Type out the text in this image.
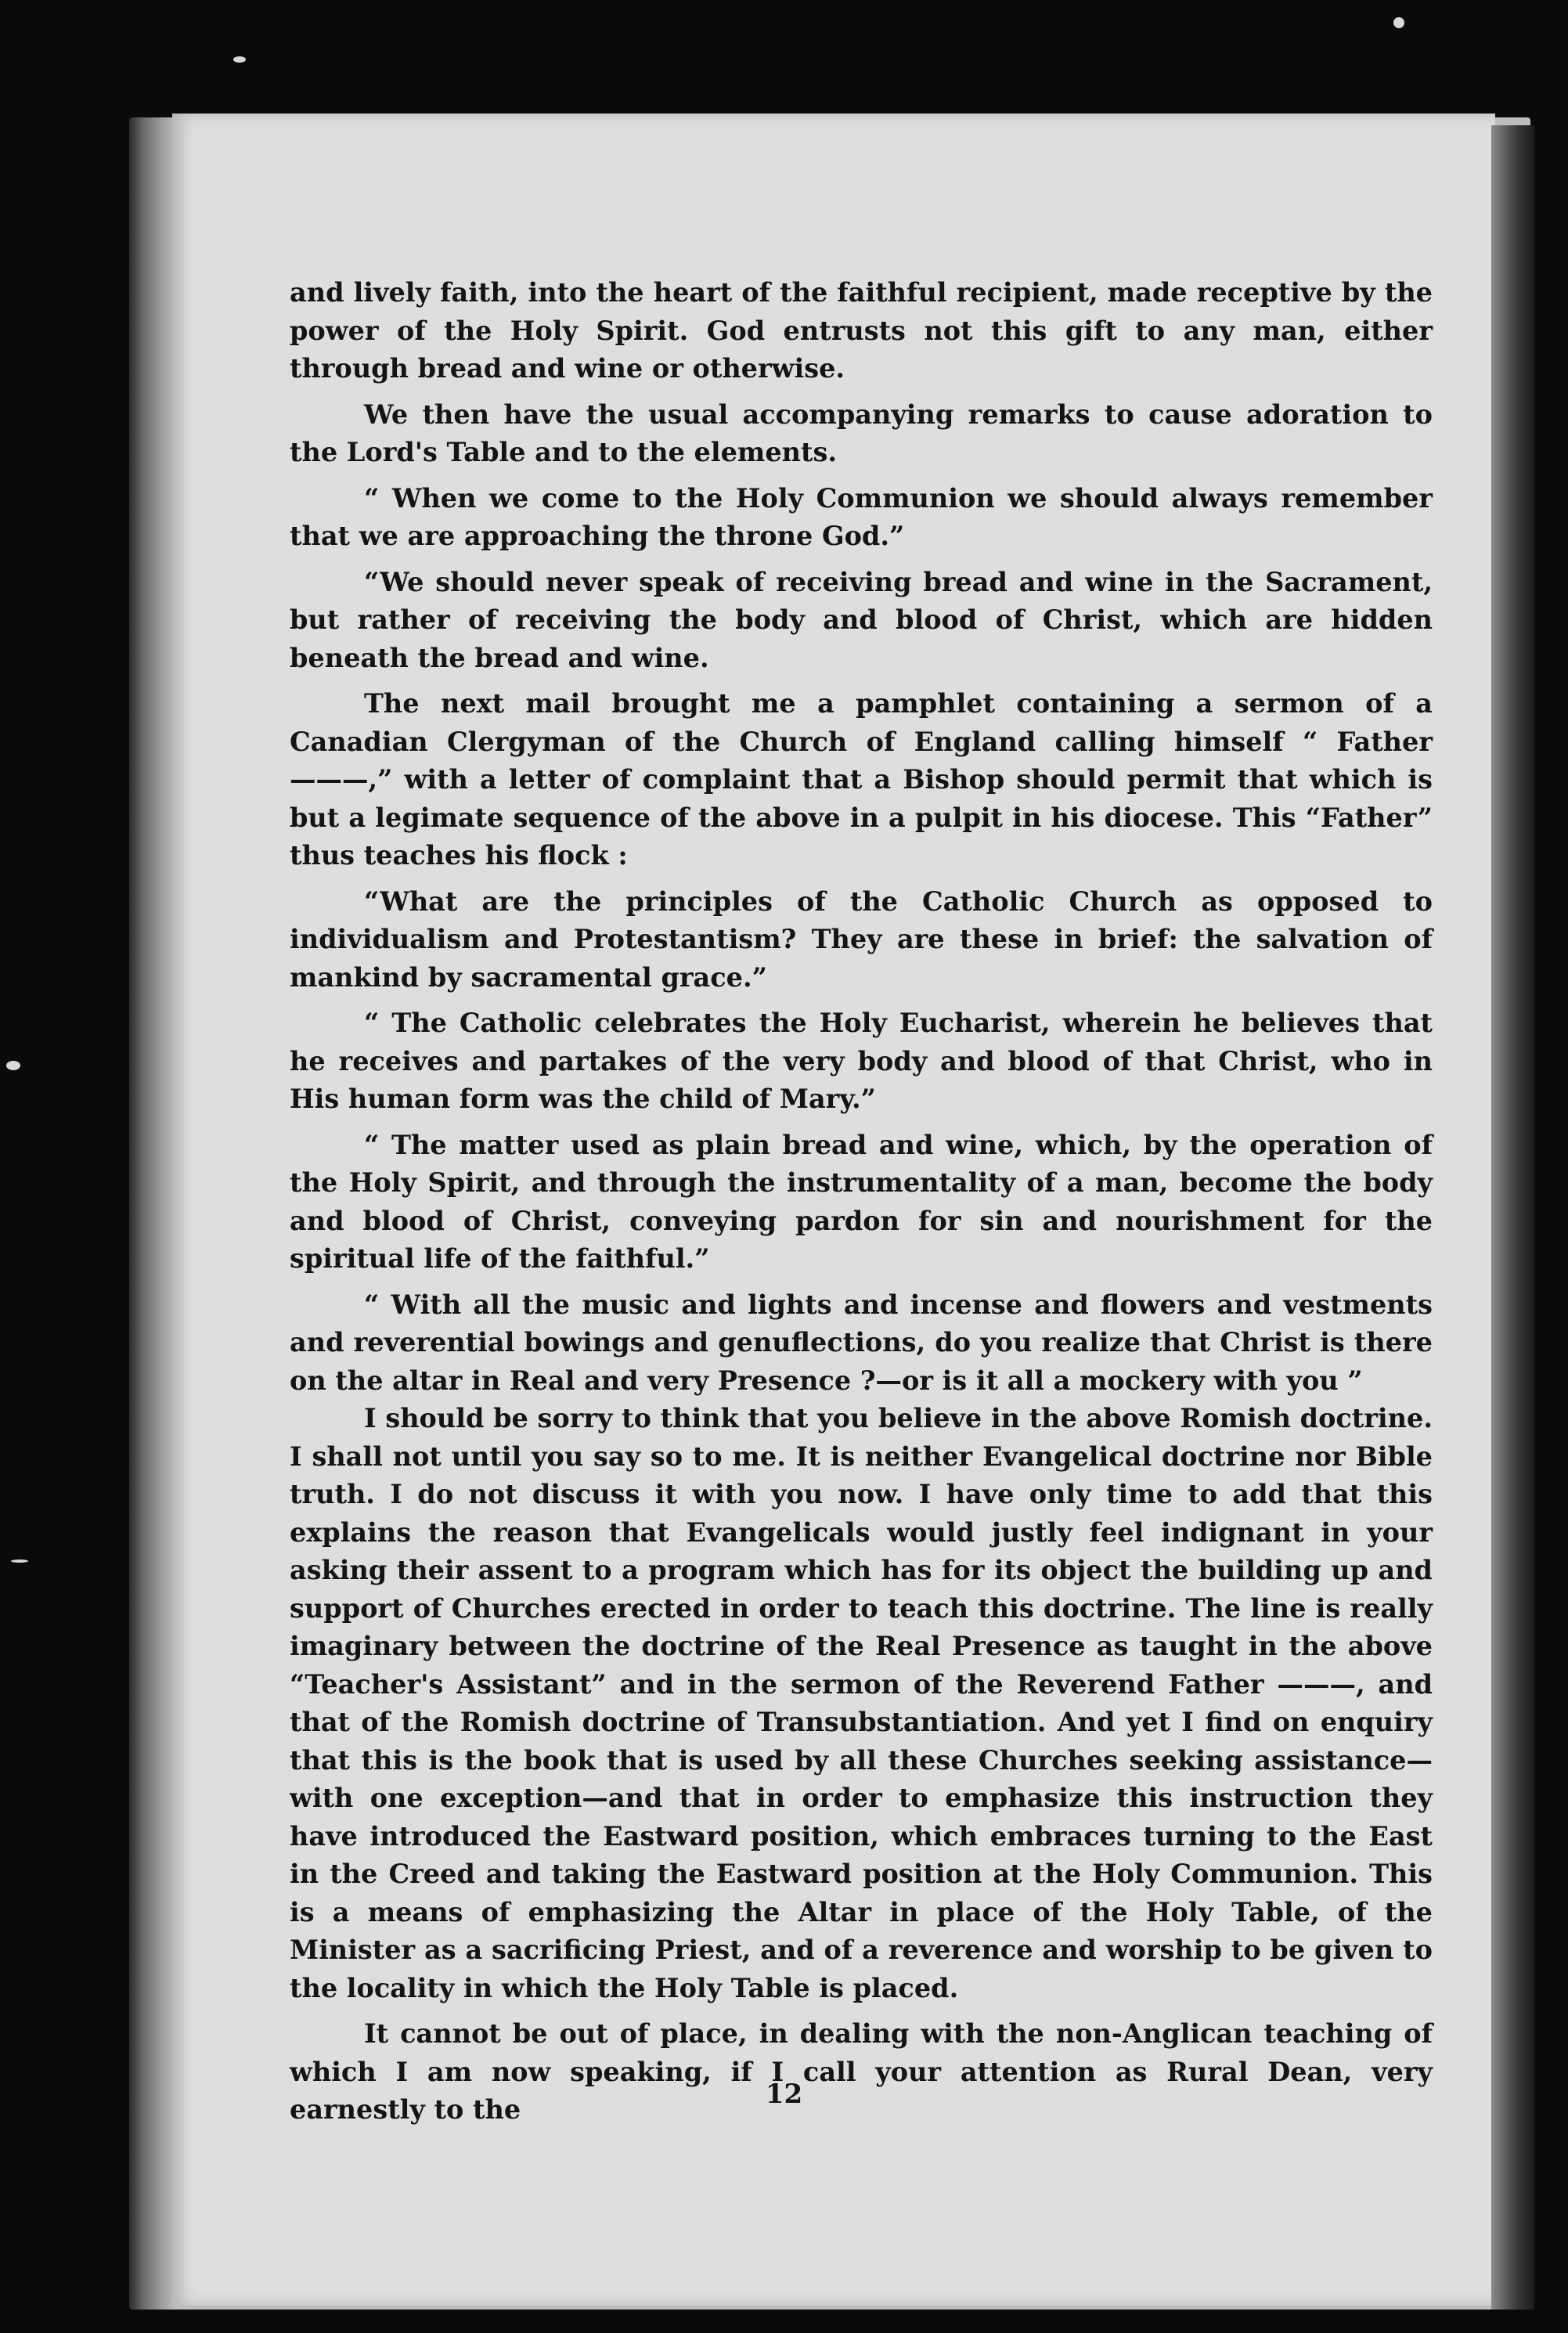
and lively faith, into the heart of the faithful recipient, made receptive by the power of the Holy Spirit. God entrusts not this gift to any man, either through bread and wine or otherwise.

We then have the usual accompanying remarks to cause adoration to the Lord's Table and to the elements.

“ When we come to the Holy Communion we should always remember that we are approaching the throne God.”

“We should never speak of receiving bread and wine in the Sacrament, but rather of receiving the body and blood of Christ, which are hidden beneath the bread and wine.

The next mail brought me a pamphlet containing a sermon of a Canadian Clergyman of the Church of England calling himself “ Father ———,” with a letter of complaint that a Bishop should permit that which is but a legimate sequence of the above in a pulpit in his diocese. This “Father” thus teaches his flock :

“What are the principles of the Catholic Church as opposed to individualism and Protestantism? They are these in brief: the salvation of mankind by sacramental grace.”

“ The Catholic celebrates the Holy Eucharist, wherein he believes that he receives and partakes of the very body and blood of that Christ, who in His human form was the child of Mary.”

“ The matter used as plain bread and wine, which, by the operation of the Holy Spirit, and through the instrumentality of a man, become the body and blood of Christ, conveying pardon for sin and nourishment for the spiritual life of the faithful.”

“ With all the music and lights and incense and flowers and vestments and reverential bowings and genuflections, do you realize that Christ is there on the altar in Real and very Presence ?—or is it all a mockery with you ”

I should be sorry to think that you believe in the above Romish doctrine. I shall not until you say so to me. It is neither Evangelical doctrine nor Bible truth. I do not discuss it with you now. I have only time to add that this explains the reason that Evangelicals would justly feel indignant in your asking their assent to a program which has for its object the building up and support of Churches erected in order to teach this doctrine. The line is really imaginary between the doctrine of the Real Presence as taught in the above “Teacher's Assistant” and in the sermon of the Reverend Father ———, and that of the Romish doctrine of Transubstantiation. And yet I find on enquiry that this is the book that is used by all these Churches seeking assistance—with one exception—and that in order to emphasize this instruction they have introduced the Eastward position, which embraces turning to the East in the Creed and taking the Eastward position at the Holy Communion. This is a means of emphasizing the Altar in place of the Holy Table, of the Minister as a sacrificing Priest, and of a reverence and worship to be given to the locality in which the Holy Table is placed.

It cannot be out of place, in dealing with the non-Anglican teaching of which I am now speaking, if I call your attention as Rural Dean, very earnestly to the	12
